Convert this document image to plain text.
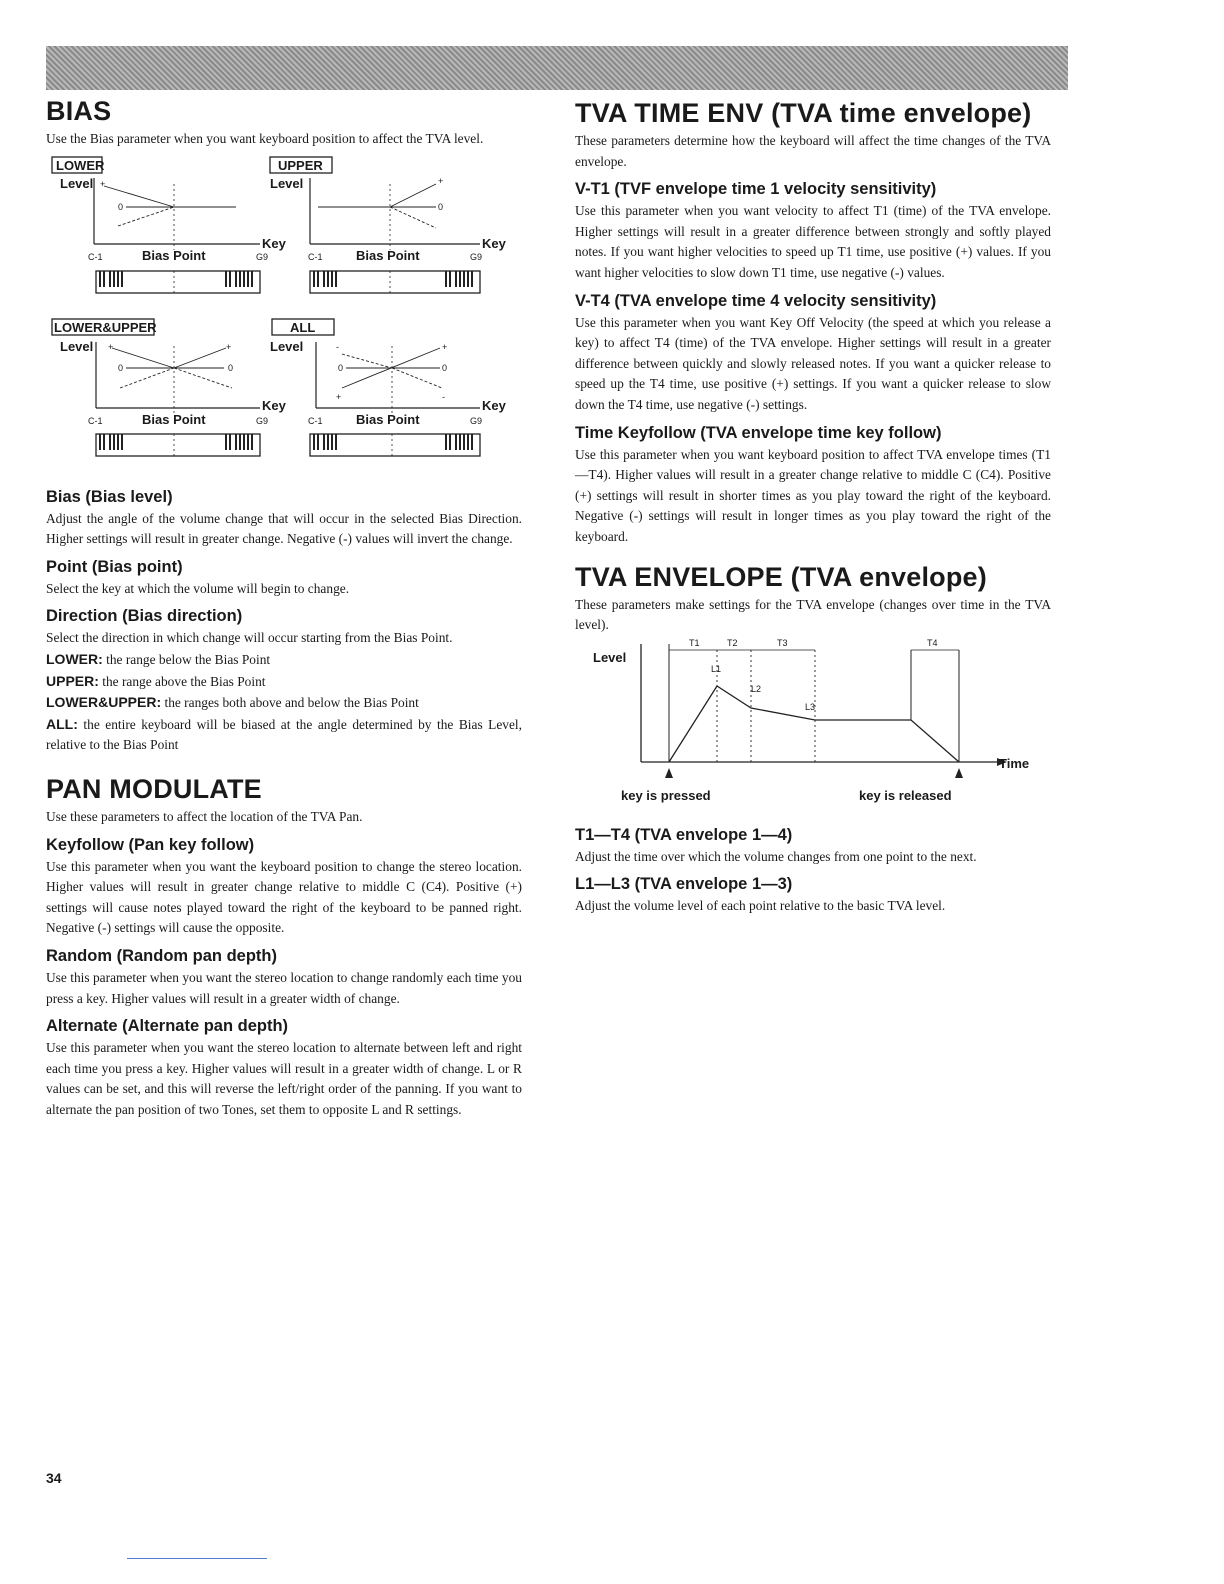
BIAS

Use the Bias parameter when you want keyboard position to affect the TVA level.

LOWER
Level +
0
Key
C-1	Bias Point	G9
UPPER
Level	+
0
Key
C-1	Bias Point	G9
LOWER&UPPER
Level +	+
0	0
Key
C-1	Bias Point	G9
ALL
Level	-	+
0	0
+	-
Key
C-1	Bias Point	G9
Bias (Bias level)

Adjust the angle of the volume change that will occur in the selected Bias Direction. Higher settings will result in greater change. Negative (-) values will invert the change.

Point (Bias point)

Select the key at which the volume will begin to change.

Direction (Bias direction)

Select the direction in which change will occur starting from the Bias Point.

LOWER: the range below the Bias Point

UPPER: the range above the Bias Point

LOWER&UPPER: the ranges both above and below the Bias Point

ALL: the entire keyboard will be biased at the angle determined by the Bias Level, relative to the Bias Point

PAN MODULATE

Use these parameters to affect the location of the TVA Pan.

Keyfollow (Pan key follow)

Use this parameter when you want the keyboard position to change the stereo location. Higher values will result in greater change relative to middle C (C4). Positive (+) settings will cause notes played toward the right of the keyboard to be panned right. Negative (-) settings will cause the opposite.

Random (Random pan depth)

Use this parameter when you want the stereo location to change randomly each time you press a key. Higher values will result in a greater width of change.

Alternate (Alternate pan depth)

Use this parameter when you want the stereo location to alternate between left and right each time you press a key. Higher values will result in a greater width of change. L or R values can be set, and this will reverse the left/right order of the panning. If you want to alternate the pan position of two Tones, set them to opposite L and R settings.

TVA TIME ENV (TVA time envelope)

These parameters determine how the keyboard will affect the time changes of the TVA envelope.

V-T1 (TVF envelope time 1 velocity sensitivity)

Use this parameter when you want velocity to affect T1 (time) of the TVA envelope. Higher settings will result in a greater difference between strongly and softly played notes. If you want higher velocities to speed up T1 time, use positive (+) values. If you want higher velocities to slow down T1 time, use negative (-) values.

V-T4 (TVA envelope time 4 velocity sensitivity)

Use this parameter when you want Key Off Velocity (the speed at which you release a key) to affect T4 (time) of the TVA envelope. Higher settings will result in a greater difference between quickly and slowly released notes. If you want a quicker release to speed up the T4 time, use positive (+) settings. If you want a quicker release to slow down the T4 time, use negative (-) settings.

Time Keyfollow (TVA envelope time key follow)

Use this parameter when you want keyboard position to affect TVA envelope times (T1—T4). Higher values will result in a greater change relative to middle C (C4). Positive (+) settings will result in shorter times as you play toward the right of the keyboard. Negative (-) settings will result in longer times as you play toward the right of the keyboard.

TVA ENVELOPE (TVA envelope)

These parameters make settings for the TVA envelope (changes over time in the TVA level).

Level
Time
T1	T2	T3	T4
L1
L2
L3
key is pressed	key is released
T1—T4 (TVA envelope 1—4)

Adjust the time over which the volume changes from one point to the next.

L1—L3 (TVA envelope 1—3)

Adjust the volume level of each point relative to the basic TVA level.

34
